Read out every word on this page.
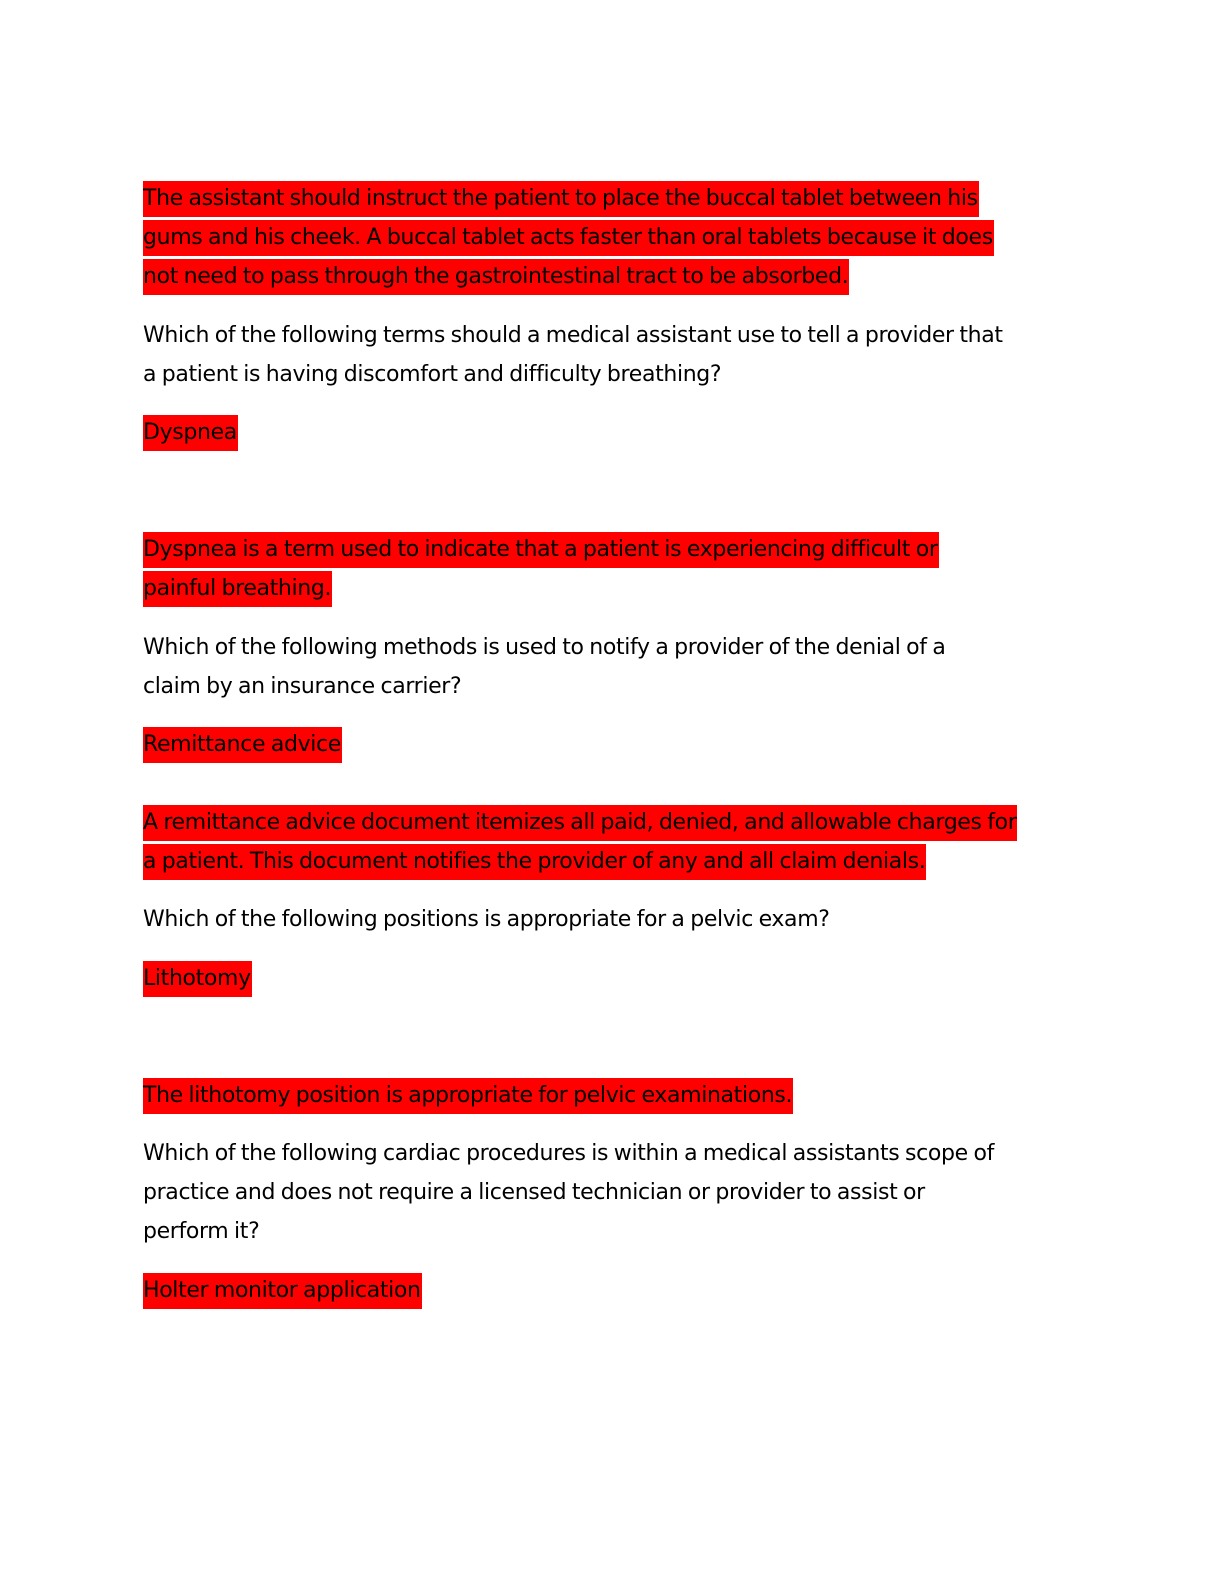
The assistant should instruct the patient to place the buccal tablet between his
gums and his cheek. A buccal tablet acts faster than oral tablets because it does
not need to pass through the gastrointestinal tract to be absorbed.
Which of the following terms should a medical assistant use to tell a provider that
a patient is having discomfort and difficulty breathing?
Dyspnea
Dyspnea is a term used to indicate that a patient is experiencing difficult or
painful breathing.
Which of the following methods is used to notify a provider of the denial of a
claim by an insurance carrier?
Remittance advice
A remittance advice document itemizes all paid, denied, and allowable charges for
a patient. This document notifies the provider of any and all claim denials.
Which of the following positions is appropriate for a pelvic exam?
Lithotomy
The lithotomy position is appropriate for pelvic examinations.
Which of the following cardiac procedures is within a medical assistants scope of
practice and does not require a licensed technician or provider to assist or
perform it?
Holter monitor application
